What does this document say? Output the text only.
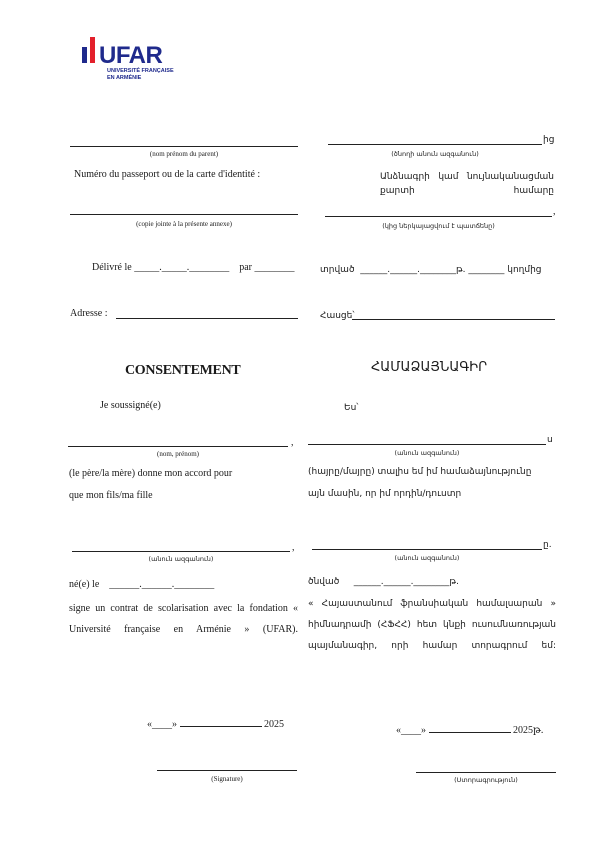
UFAR
UNIVERSITÉ FRANÇAISE
EN ARMÉNIE
(nom prénom du parent)
Numéro du passeport ou de la carte d'identité :
(copie jointe à la présente annexe)
Délivré le _____._____.________ par ________
Adresse :
CONSENTEMENT
Je soussigné(e)
,
(nom, prénom)
(le père/la mère) donne mon accord pour
que mon fils/ma fille
,
(անուն ազգանուն)
né(e) le ______.______.________
signe un contrat de scolarisation avec la fondation « Université française en Arménie » (UFAR).
«____»	2025
(Signature)
ից
(ծնողի անուն ազգանուն)
Անձնագրի կամ նույնականացման քարտի համարը
,
(կից ներկայացվում է պատճենը)
տրված ______.______.________թ. ________ կողմից
Հասցե՝
ՀԱՄԱՁԱՅՆԱԳԻՐ
Ես՝
ս
(անուն ազգանուն)
(հայրը/մայրը) տալիս եմ իմ համաձայնությունը
այն մասին, որ իմ որդին/դուստր
ը.
(անուն ազգանուն)
ծնված ______.______.________թ.
« Հայաստանում ֆրանսիական համալսարան » հիմնադրամի (ՀՖՀՀ) հետ կնքի ուսումնառության պայմանագիր, որի համար տորագրում եմ:
«____»	2025թ.
(Ստորագրություն)
